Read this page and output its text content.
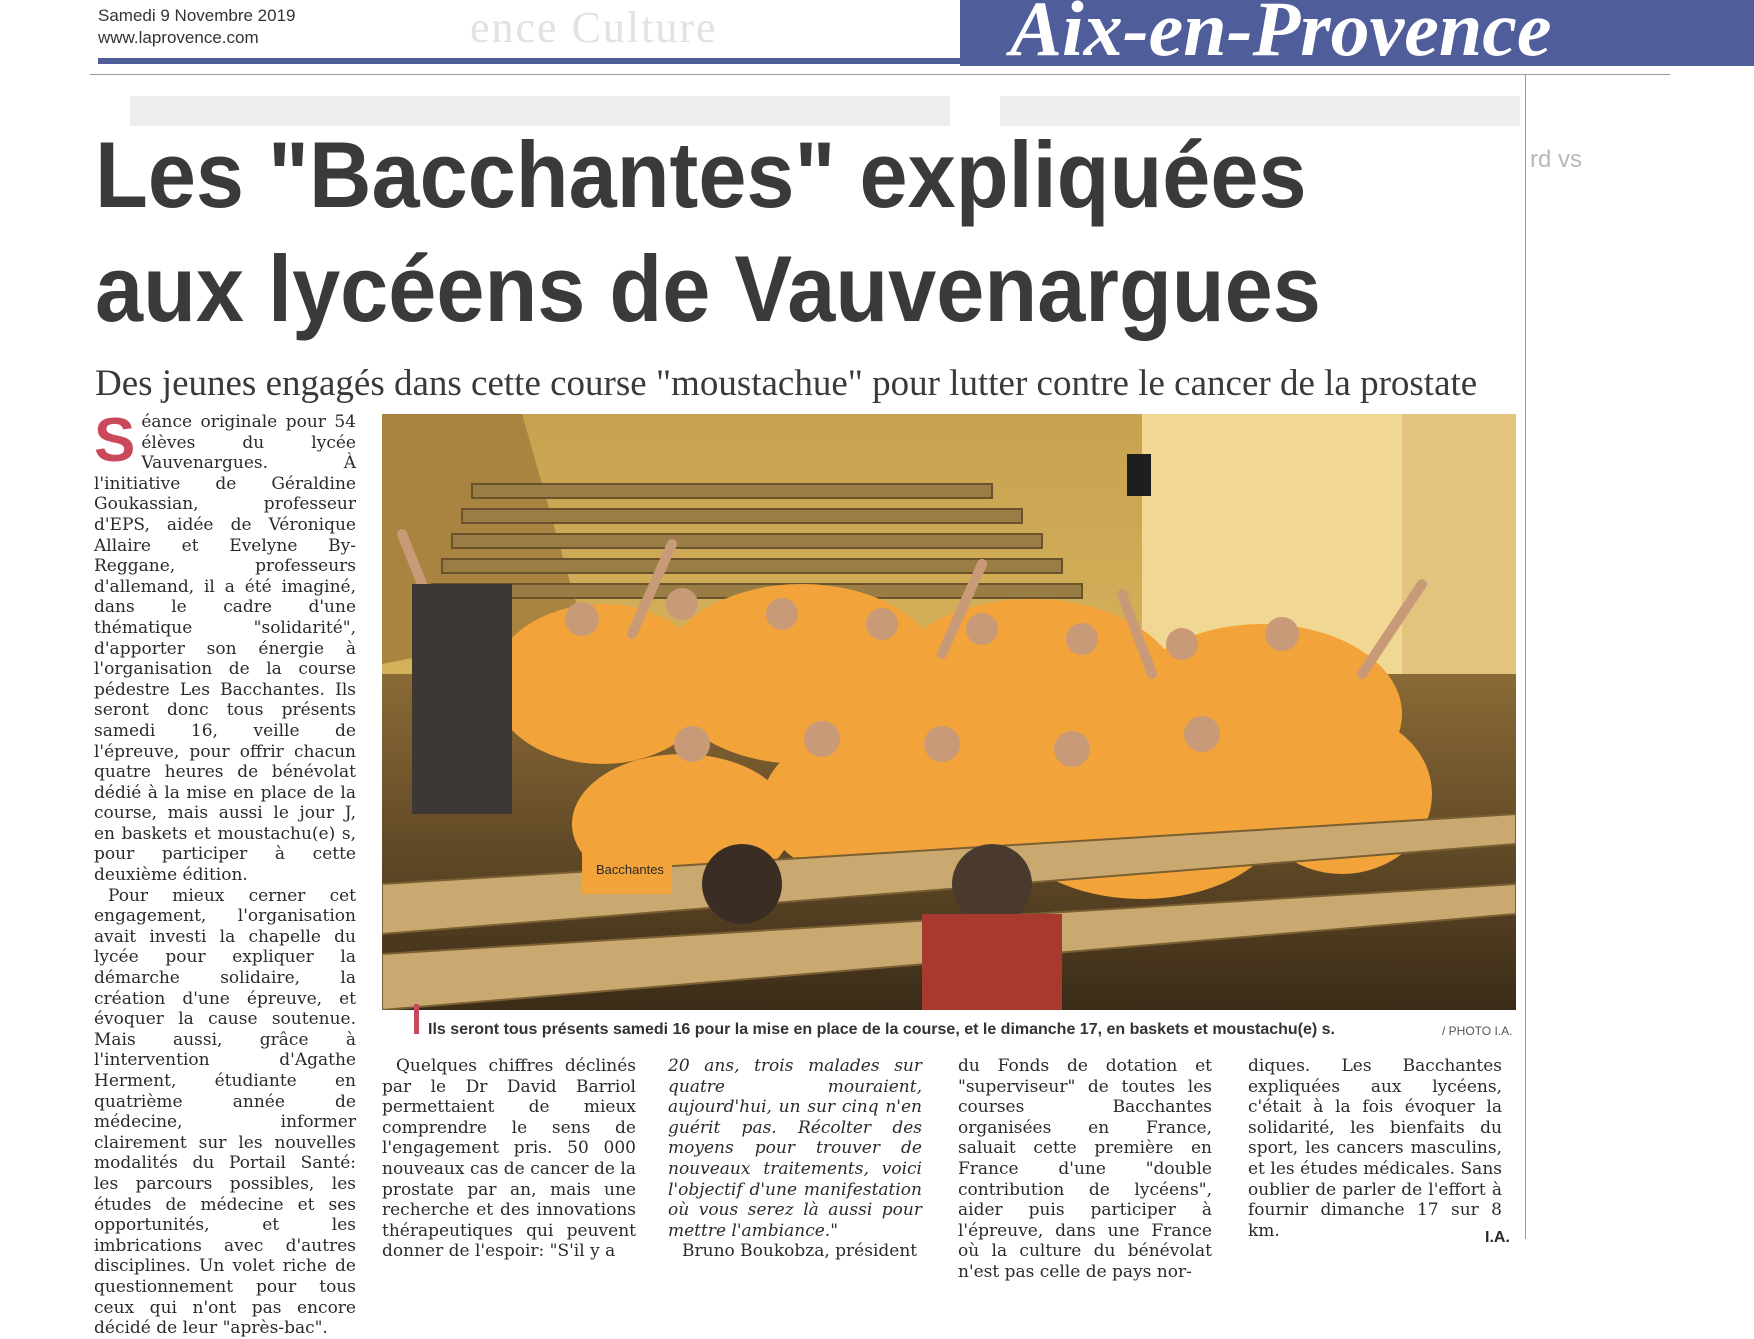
Samedi 9 Novembre 2019
www.laprovence.com	ence Culture	Aix-en-Provence
rd vs
Les "Bacchantes" expliquées
aux lycéens de Vauvenargues
Des jeunes engagés dans cette course "moustachue" pour lutter contre le cancer de la prostate

Séance originale pour 54 élèves du lycée Vauvenargues. À l'initiative de Géraldine Goukassian, professeur d'EPS, aidée de Véronique Allaire et Evelyne By-Reggane, professeurs d'allemand, il a été imaginé, dans le cadre d'une thématique "solidarité", d'apporter son énergie à l'organisation de la course pédestre Les Bacchantes. Ils seront donc tous présents samedi 16, veille de l'épreuve, pour offrir chacun quatre heures de bénévolat dédié à la mise en place de la course, mais aussi le jour J, en baskets et moustachu(e) s, pour participer à cette deuxième édition.

Pour mieux cerner cet engagement, l'organisation avait investi la chapelle du lycée pour expliquer la démarche solidaire, la création d'une épreuve, et évoquer la cause soutenue. Mais aussi, grâce à l'intervention d'Agathe Herment, étudiante en quatrième année de médecine, informer clairement sur les nouvelles modalités du Portail Santé: les parcours possibles, les études de médecine et ses opportunités, et les imbrications avec d'autres disciplines. Un volet riche de questionnement pour tous ceux qui n'ont pas encore décidé de leur "après-bac".

Bacchantes
Ils seront tous présents samedi 16 pour la mise en place de la course, et le dimanche 17, en baskets et moustachu(e) s.	/ PHOTO I.A.

Quelques chiffres déclinés par le Dr David Barriol permettaient de mieux comprendre le sens de l'engagement pris. 50 000 nouveaux cas de cancer de la prostate par an, mais une recherche et des innovations thérapeutiques qui peuvent donner de l'espoir: "S'il y a

20 ans, trois malades sur quatre mouraient, aujourd'hui, un sur cinq n'en guérit pas. Récolter des moyens pour trouver de nouveaux traitements, voici l'objectif d'une manifestation où vous serez là aussi pour mettre l'ambiance."

Bruno Boukobza, président

du Fonds de dotation et "superviseur" de toutes les courses Bacchantes organisées en France, saluait cette première en France d'une "double contribution de lycéens", aider puis participer à l'épreuve, dans une France où la culture du bénévolat n'est pas celle de pays nor-

diques. Les Bacchantes expliquées aux lycéens, c'était à la fois évoquer la solidarité, les bienfaits du sport, les cancers masculins, et les études médicales. Sans oublier de parler de l'effort à fournir dimanche 17 sur 8 km.	I.A.
